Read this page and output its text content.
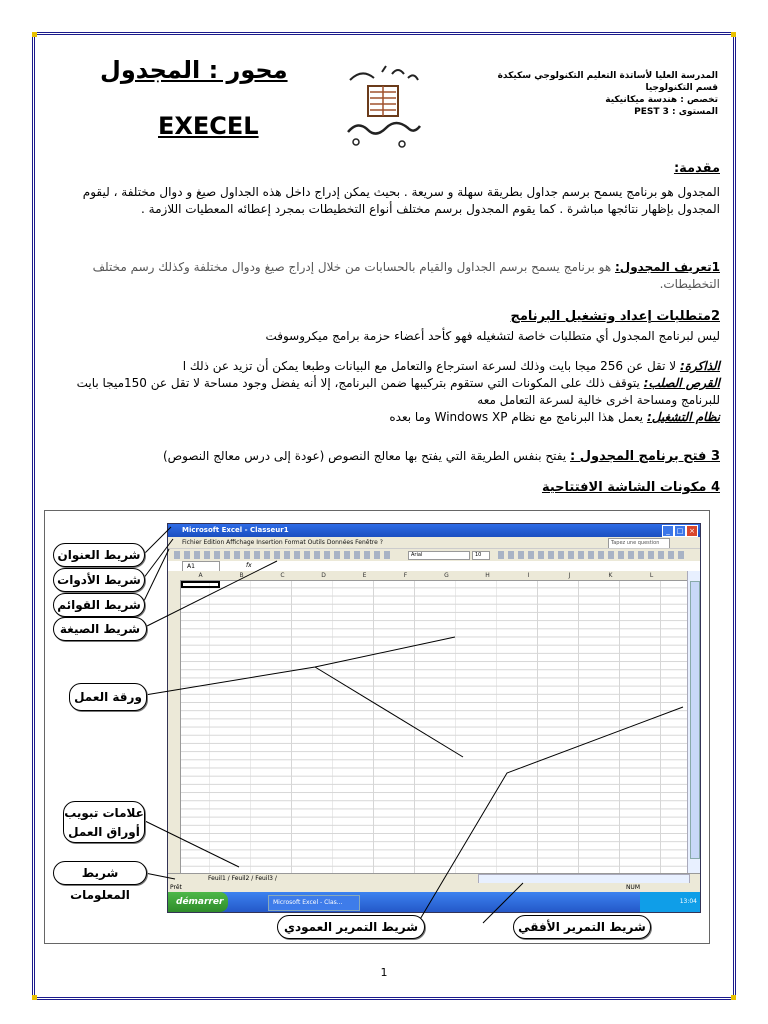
المدرسة العليا لأساتذة التعليم التكنولوجي سكيكدة
قسم التكنولوجيا
تخصص : هندسة ميكانيكية
المستوى : 3 PEST
محور : المجدول
EXECEL
مقدمة:
المجدول هو برنامج يسمح برسم جداول بطريقة سهلة و سريعة . بحيث يمكن إدراج داخل هذه الجداول صيغ و دوال مختلفة ، ليقوم المجدول بإظهار نتائجها مباشرة . كما يقوم المجدول برسم مختلف أنواع التخطيطات بمجرد إعطائه المعطيات اللازمة .
1تعريف المجدول: هو برنامج يسمح برسم الجداول والقيام بالحسابات من خلال إدراج صيغ ودوال مختلفة وكذلك رسم مختلف التخطيطات.
2متطلبات إعداد وتشغيل البرنامج
ليس لبرنامج المجدول أي متطلبات خاصة لتشغيله فهو كأحد أعضاء حزمة برامج ميكروسوفت
الذاكرة: لا تقل عن 256 ميجا بايت وذلك لسرعة استرجاع والتعامل مع البيانات وطبعا يمكن أن تزيد عن ذلك ا
القرص الصلب: يتوقف ذلك على المكونات التي ستقوم بتركيبها ضمن البرنامج، إلا أنه يفضل وجود مساحة لا تقل عن 150ميجا بايت للبرنامج ومساحة اخرى خالية لسرعة التعامل معه
نظام التشغيل: يعمل هذا البرنامج مع نظام Windows XP وما بعده
3 فتح برنامج المجدول : يفتح بنفس الطريقة التي يفتح بها معالج النصوص (عودة إلى درس معالج النصوص)
4 مكونات الشاشة الافتتاحية
Microsoft Excel - Classeur1	_ □ ×
Fichier Edition Affichage Insertion Format Outils Données Fenêtre ?	Tapez une question
Arial	10
A1	fx
A	B	C	D	E	F	G	H	I	J	K	L
Feuil1 / Feuil2 / Feuil3 /
Prêt	NUM
démarrer	Microsoft Excel - Clas...	13:04
شريط العنوان
شريط الأدوات
شريط القوائم
شريط الصيغة
ورقة العمل
علامات تبويب أوراق العمل
شريط المعلومات
شريط التمرير العمودي	شريط التمرير الأفقي
1
